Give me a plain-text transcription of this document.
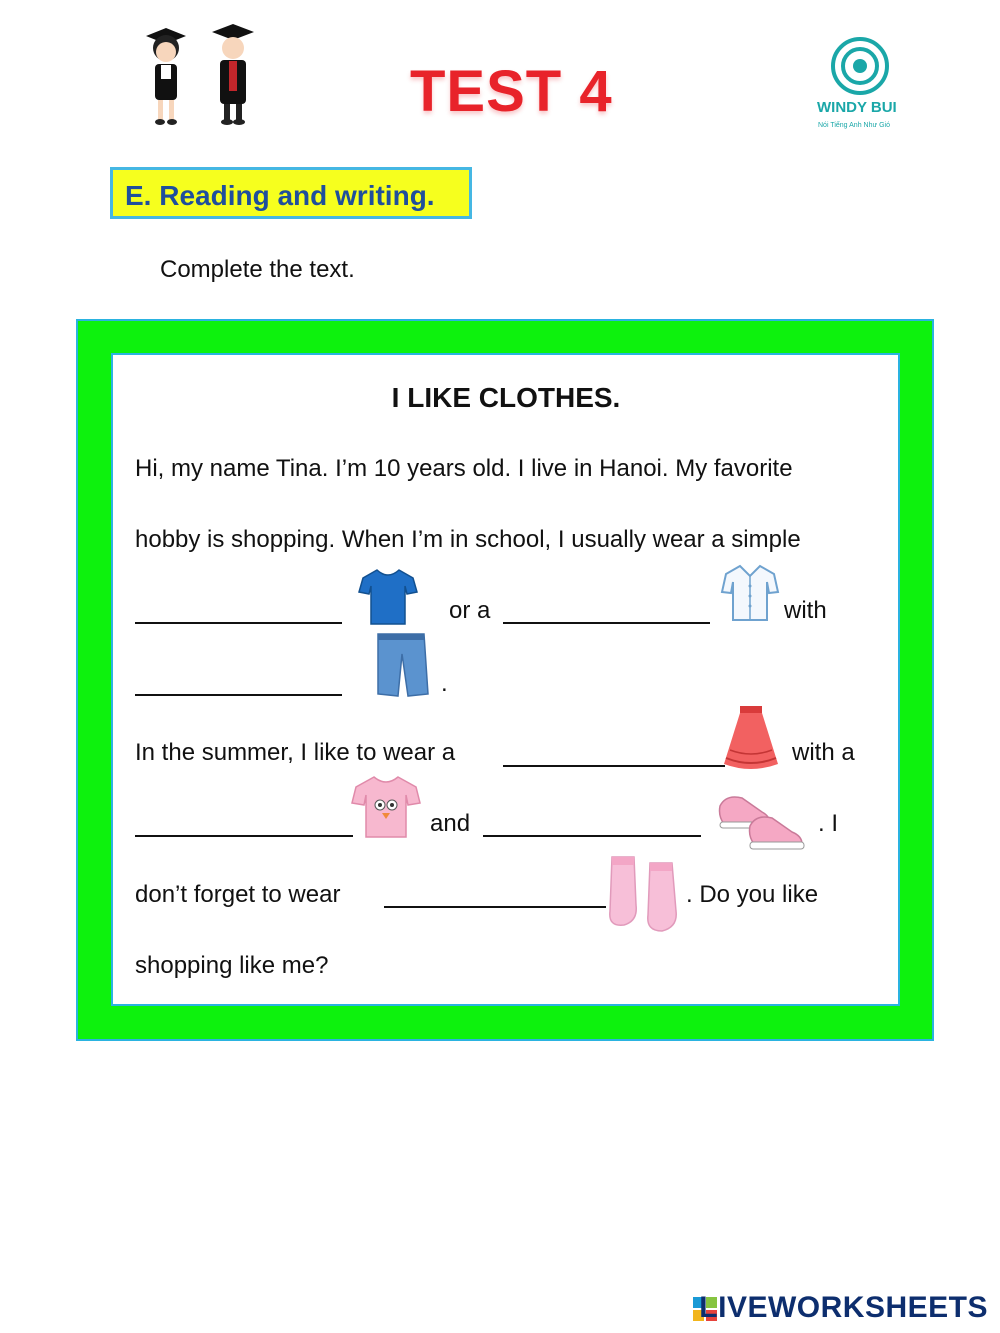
TEST 4	WINDY BUI
Nói Tiếng Anh Như Gió
E. Reading and writing.
Complete the text.
I LIKE CLOTHES.
Hi, my name Tina. I’m 10 years old. I live in Hanoi. My favorite
hobby is shopping. When I’m in school, I usually wear a simple
or a	with
.
In the summer, I like to wear a	with a
and	. I
don’t forget to wear	. Do you like
shopping like me?
LIVEWORKSHEETS
